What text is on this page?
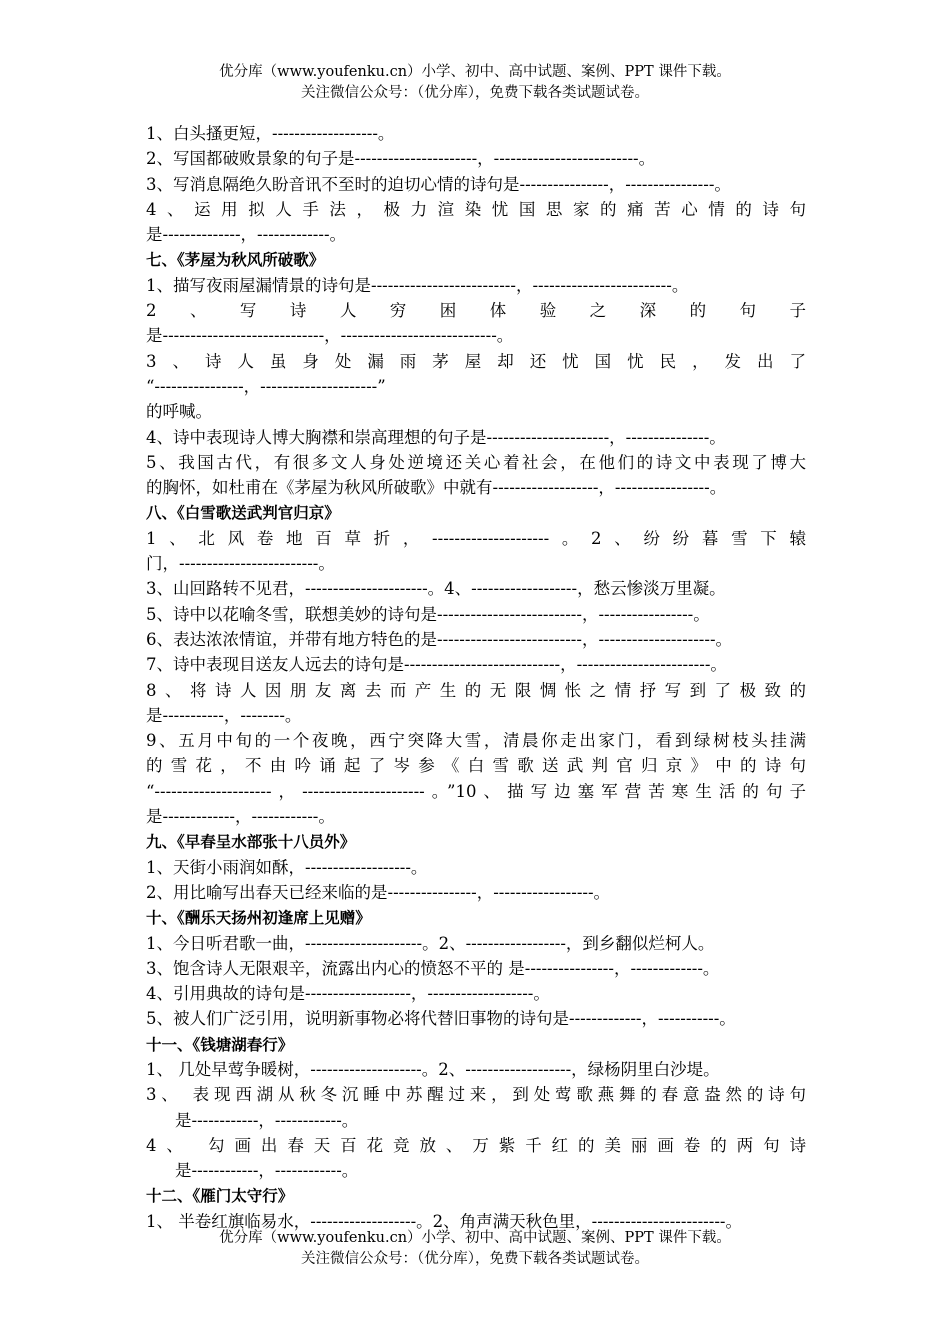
优分库（www.youfenku.cn）小学、初中、高中试题、案例、PPT 课件下载。
关注微信公众号：（优分库），免费下载各类试题试卷。
1、白头搔更短，-------------------。
2、写国都破败景象的句子是----------------------，--------------------------。
3、写消息隔绝久盼音讯不至时的迫切心情的诗句是----------------，----------------。
4、运用拟人手法，极力渲染忧国思家的痛苦心情的诗句
是--------------，-------------。
七、《茅屋为秋风所破歌》
1、描写夜雨屋漏情景的诗句是--------------------------，-------------------------。
2、写诗人穷困体验之深的句子
是-----------------------------，----------------------------。
3、诗人虽身处漏雨茅屋却还忧国忧民，发出了
“----------------，---------------------”
的呼喊。
4、诗中表现诗人博大胸襟和崇高理想的句子是----------------------，---------------。
5、我国古代，有很多文人身处逆境还关心着社会，在他们的诗文中表现了博大
的胸怀，如杜甫在《茅屋为秋风所破歌》中就有-------------------，-----------------。
八、《白雪歌送武判官归京》
1、北风卷地百草折，---------------------。2、纷纷暮雪下辕
门，-------------------------。
3、山回路转不见君，----------------------。4、-------------------，愁云惨淡万里凝。
5、诗中以花喻冬雪，联想美妙的诗句是--------------------------，-----------------。
6、表达浓浓情谊，并带有地方特色的是--------------------------，---------------------。
7、诗中表现目送友人远去的诗句是----------------------------，------------------------。
8、将诗人因朋友离去而产生的无限惆怅之情抒写到了极致的
是-----------，--------。
9、五月中旬的一个夜晚，西宁突降大雪，清晨你走出家门，看到绿树枝头挂满
的雪花，不由吟诵起了岑参《白雪歌送武判官归京》中的诗句
“---------------------，----------------------。”10、描写边塞军营苦寒生活的句子
是-------------，------------。
九、《早春呈水部张十八员外》
1、天街小雨润如酥，-------------------。
2、用比喻写出春天已经来临的是----------------，------------------。
十、《酬乐天扬州初逢席上见赠》
1、今日听君歌一曲，---------------------。2、------------------，到乡翻似烂柯人。
3、饱含诗人无限艰辛，流露出内心的愤怒不平的 是----------------，-------------。
4、引用典故的诗句是-------------------，-------------------。
5、被人们广泛引用，说明新事物必将代替旧事物的诗句是-------------，-----------。
十一、《钱塘湖春行》
1、 几处早莺争暖树，--------------------。2、-------------------，绿杨阴里白沙堤。
3、 表现西湖从秋冬沉睡中苏醒过来，到处莺歌燕舞的春意盎然的诗句
是------------，------------。
4、 勾画出春天百花竞放、万紫千红的美丽画卷的两句诗
是------------，------------。
十二、《雁门太守行》
1、 半卷红旗临易水，-------------------。2、角声满天秋色里，------------------------。
优分库（www.youfenku.cn）小学、初中、高中试题、案例、PPT 课件下载。
关注微信公众号：（优分库），免费下载各类试题试卷。
